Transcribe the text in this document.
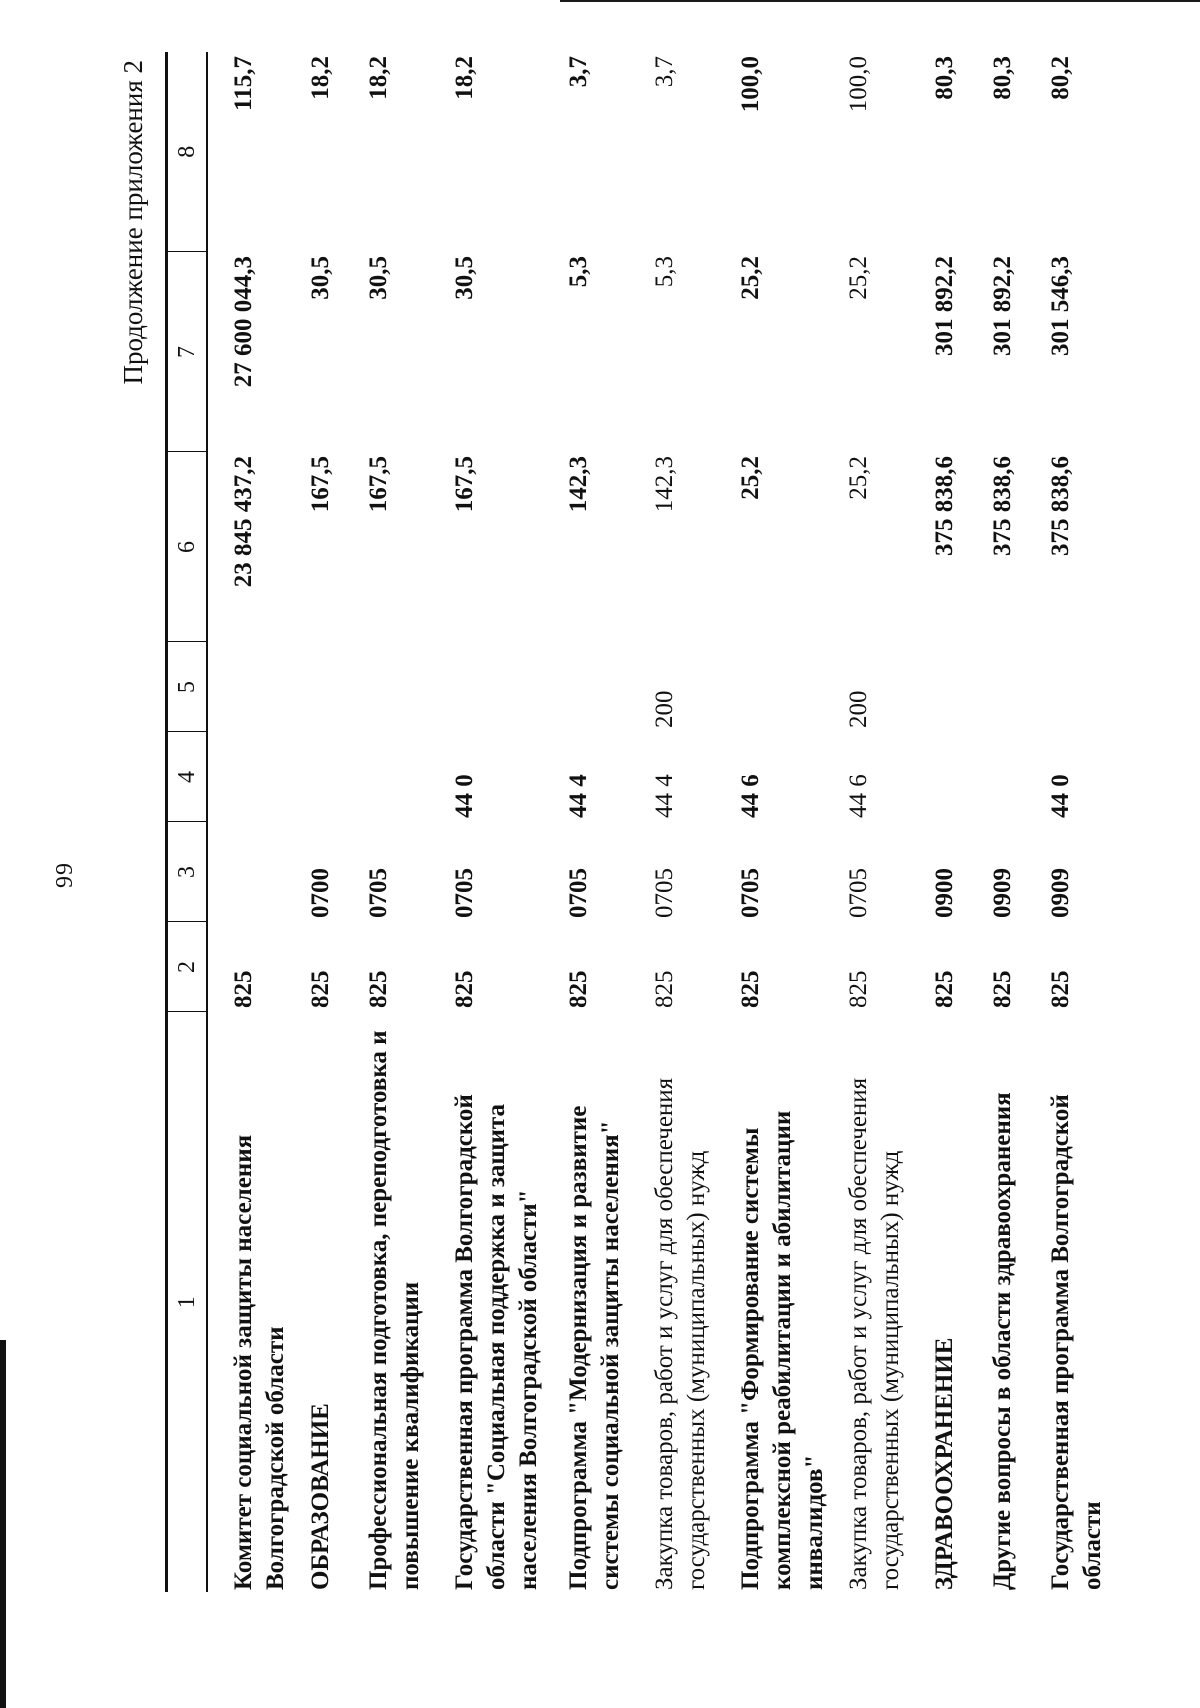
99
Продолжение приложения 2
1	2	3	4	5	6	7	8
Комитет социальной защиты населения Волгоградской области	825				23 845 437,2	27 600 044,3	115,7
ОБРАЗОВАНИЕ	825	0700			167,5	30,5	18,2
Профессиональная подготовка, переподготовка и повышение квалификации	825	0705			167,5	30,5	18,2
Государственная программа Волгоградской области "Социальная поддержка и защита населения Волгоградской области"	825	0705	44 0		167,5	30,5	18,2
Подпрограмма "Модернизация и развитие системы социальной защиты населения"	825	0705	44 4		142,3	5,3	3,7
Закупка товаров, работ и услуг для обеспечения государственных (муниципальных) нужд	825	0705	44 4	200	142,3	5,3	3,7
Подпрограмма "Формирование системы комплексной реабилитации и абилитации инвалидов"	825	0705	44 6		25,2	25,2	100,0
Закупка товаров, работ и услуг для обеспечения государственных (муниципальных) нужд	825	0705	44 6	200	25,2	25,2	100,0
ЗДРАВООХРАНЕНИЕ	825	0900			375 838,6	301 892,2	80,3
Другие вопросы в области здравоохранения	825	0909			375 838,6	301 892,2	80,3
Государственная программа Волгоградской области	825	0909	44 0		375 838,6	301 546,3	80,2
